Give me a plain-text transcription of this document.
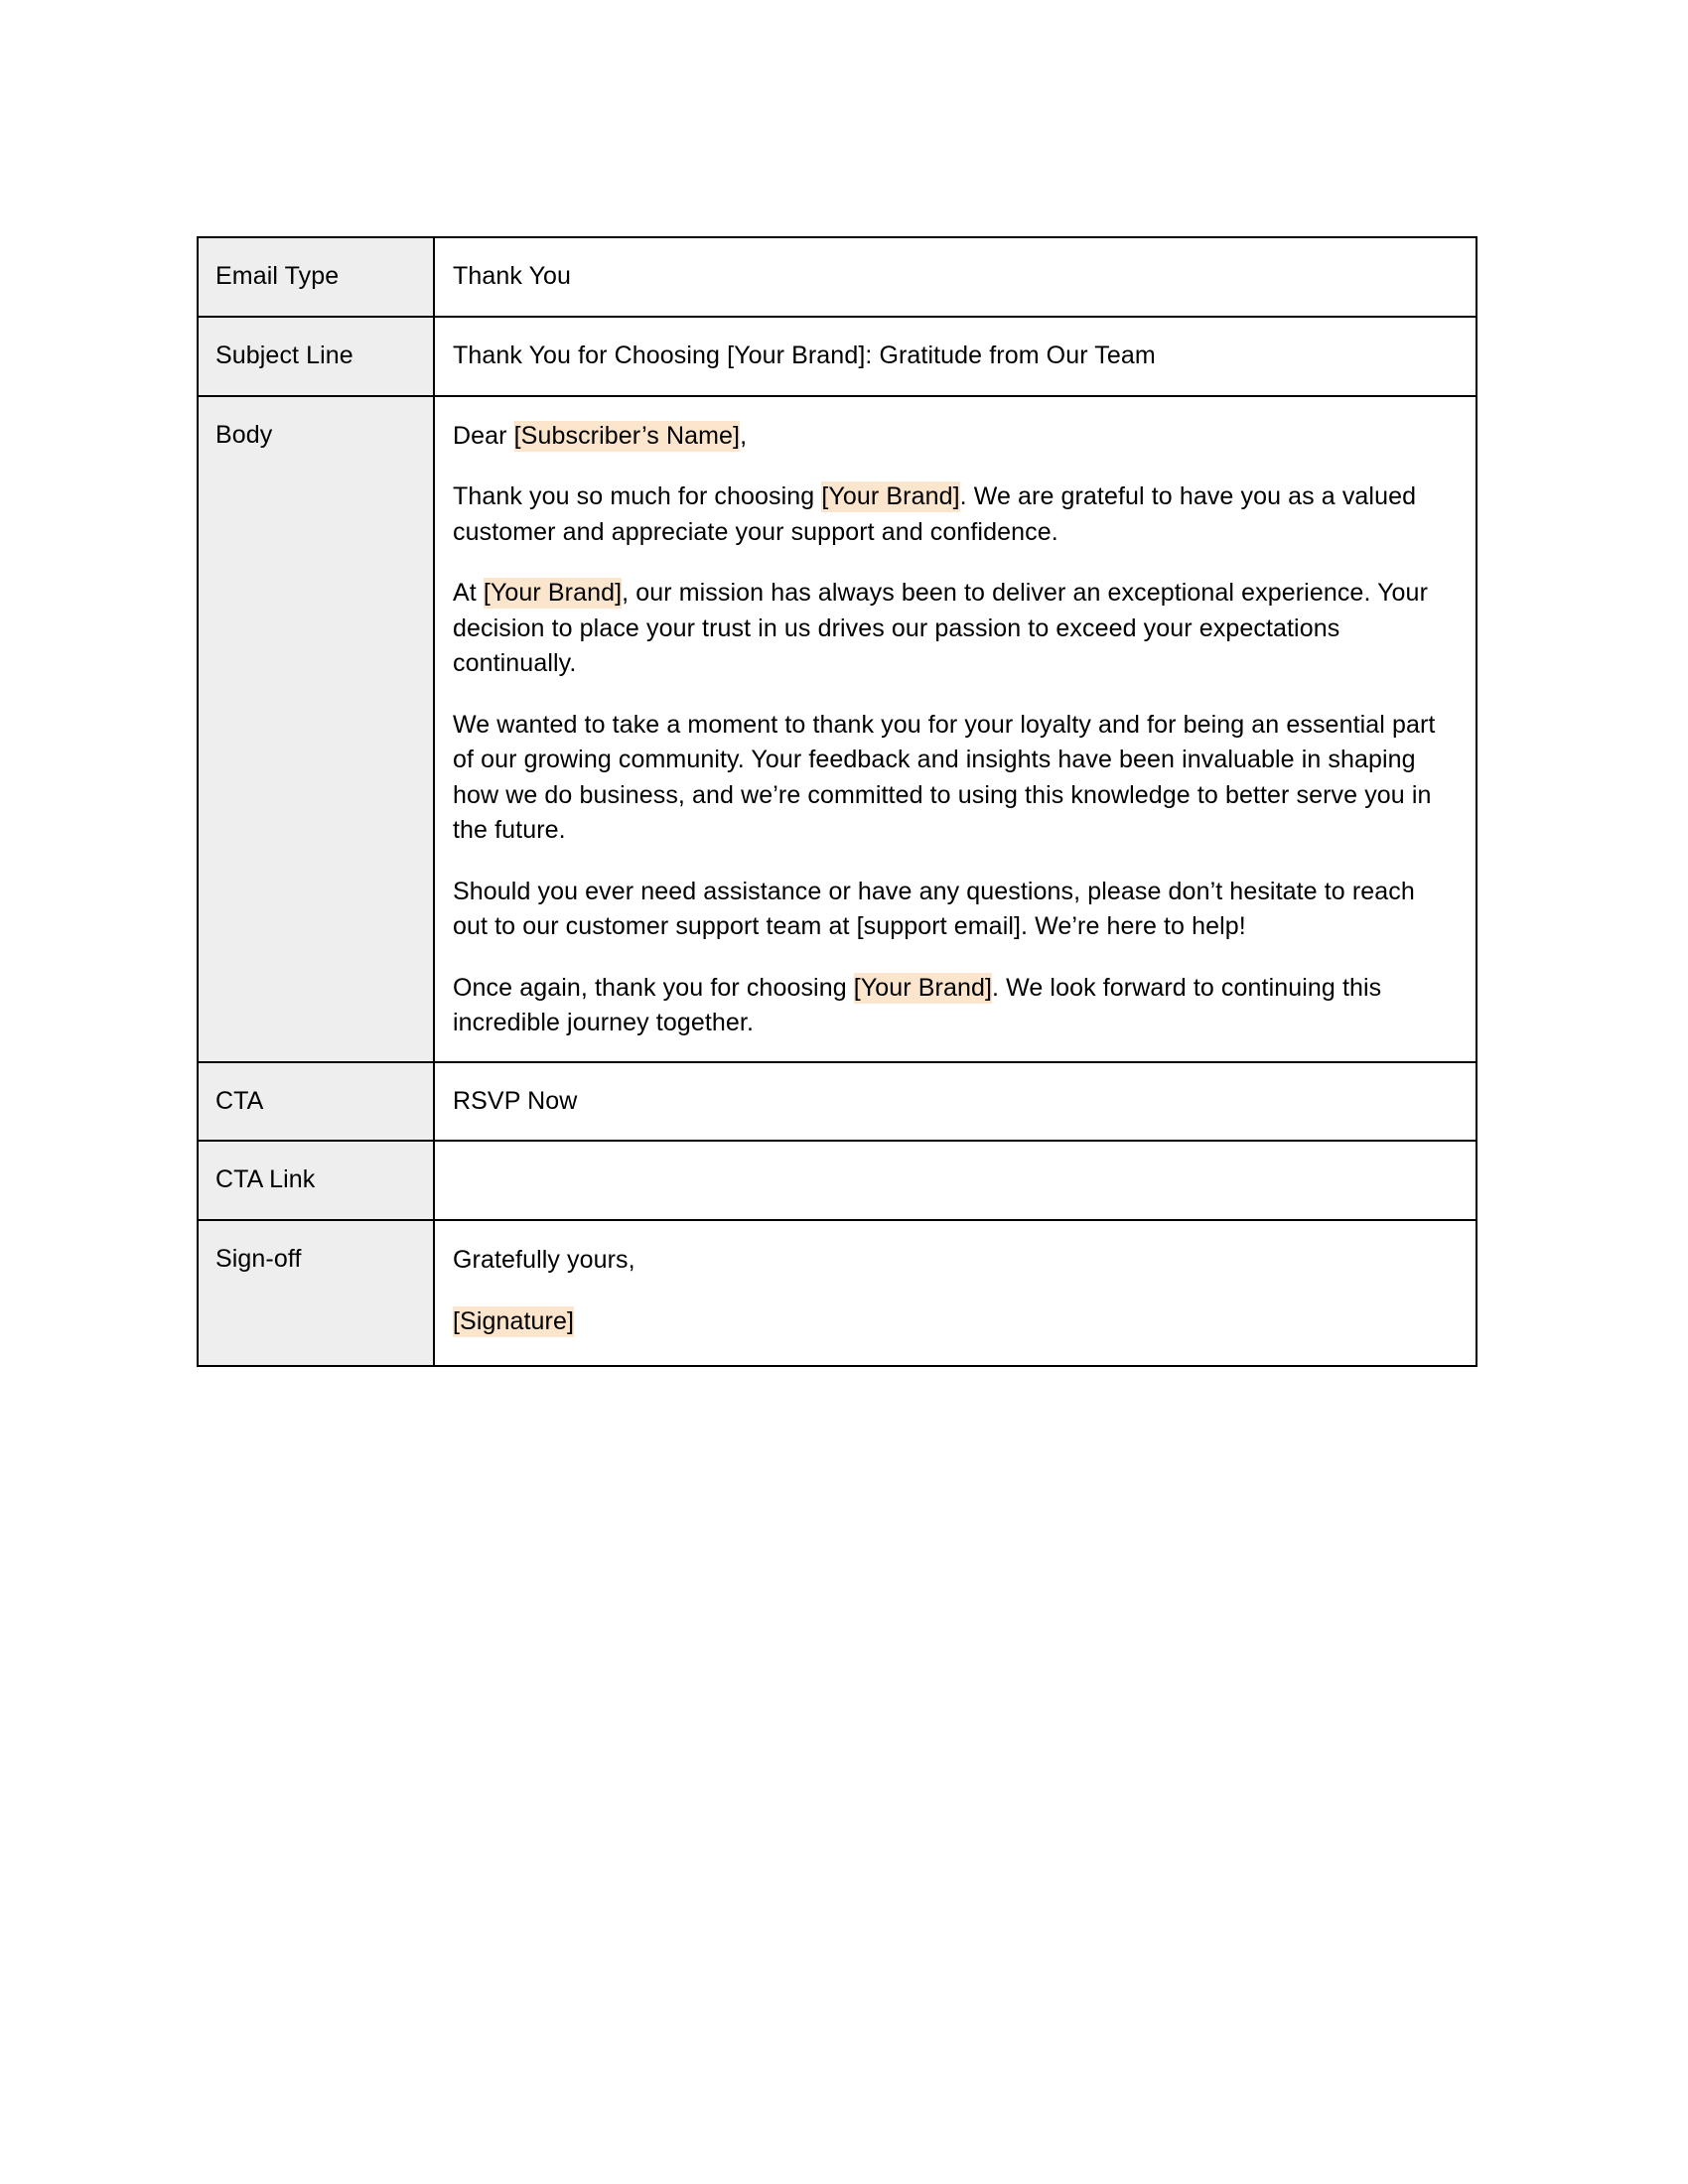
Email Type	Thank You
Subject Line	Thank You for Choosing [Your Brand]: Gratitude from Our Team
Body	Dear [Subscriber’s Name],

Thank you so much for choosing [Your Brand]. We are grateful to have you as a valued customer and appreciate your support and confidence.

At [Your Brand], our mission has always been to deliver an exceptional experience. Your decision to place your trust in us drives our passion to exceed your expectations continually.

We wanted to take a moment to thank you for your loyalty and for being an essential part of our growing community. Your feedback and insights have been invaluable in shaping how we do business, and we’re committed to using this knowledge to better serve you in the future.

Should you ever need assistance or have any questions, please don’t hesitate to reach out to our customer support team at [support email]. We’re here to help!

Once again, thank you for choosing [Your Brand]. We look forward to continuing this incredible journey together.

CTA	RSVP Now
CTA Link	

Sign-off	Gratefully yours,

[Signature]
